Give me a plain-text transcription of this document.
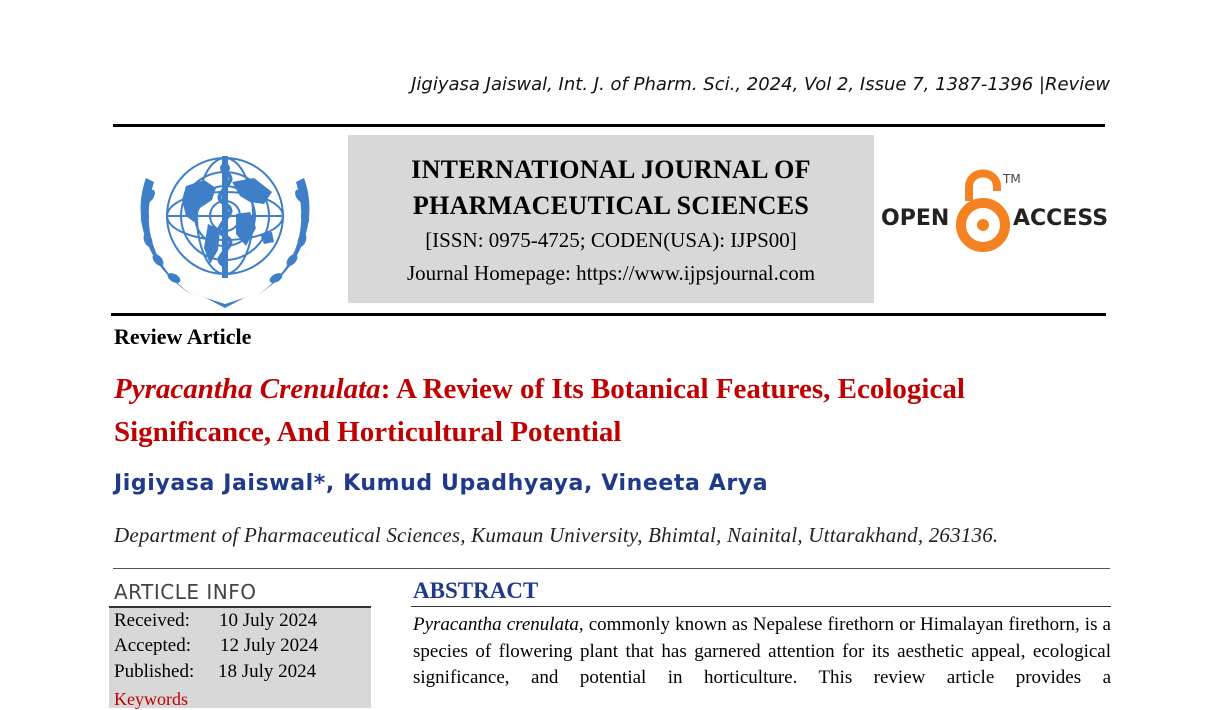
Jigiyasa Jaiswal, Int. J. of Pharm. Sci., 2024, Vol 2, Issue 7, 1387-1396 |Review
INTERNATIONAL JOURNAL OF
PHARMACEUTICAL SCIENCES
[ISSN: 0975-4725; CODEN(USA): IJPS00]
Journal Homepage: https://www.ijpsjournal.com
OPEN	ACCESS
TM
Review Article
Pyracantha Crenulata: A Review of Its Botanical Features, Ecological Significance, And Horticultural Potential
Jigiyasa Jaiswal*, Kumud Upadhyaya, Vineeta Arya
Department of Pharmaceutical Sciences, Kumaun University, Bhimtal, Nainital, Uttarakhand, 263136.
ARTICLE INFO
Received: 10 July 2024
Accepted: 12 July 2024
Published: 18 July 2024
Keywords
ABSTRACT

Pyracantha crenulata, commonly known as Nepalese firethorn or Himalayan firethorn, is a species of flowering plant that has garnered attention for its aesthetic appeal, ecological significance, and potential in horticulture. This review article provides a
